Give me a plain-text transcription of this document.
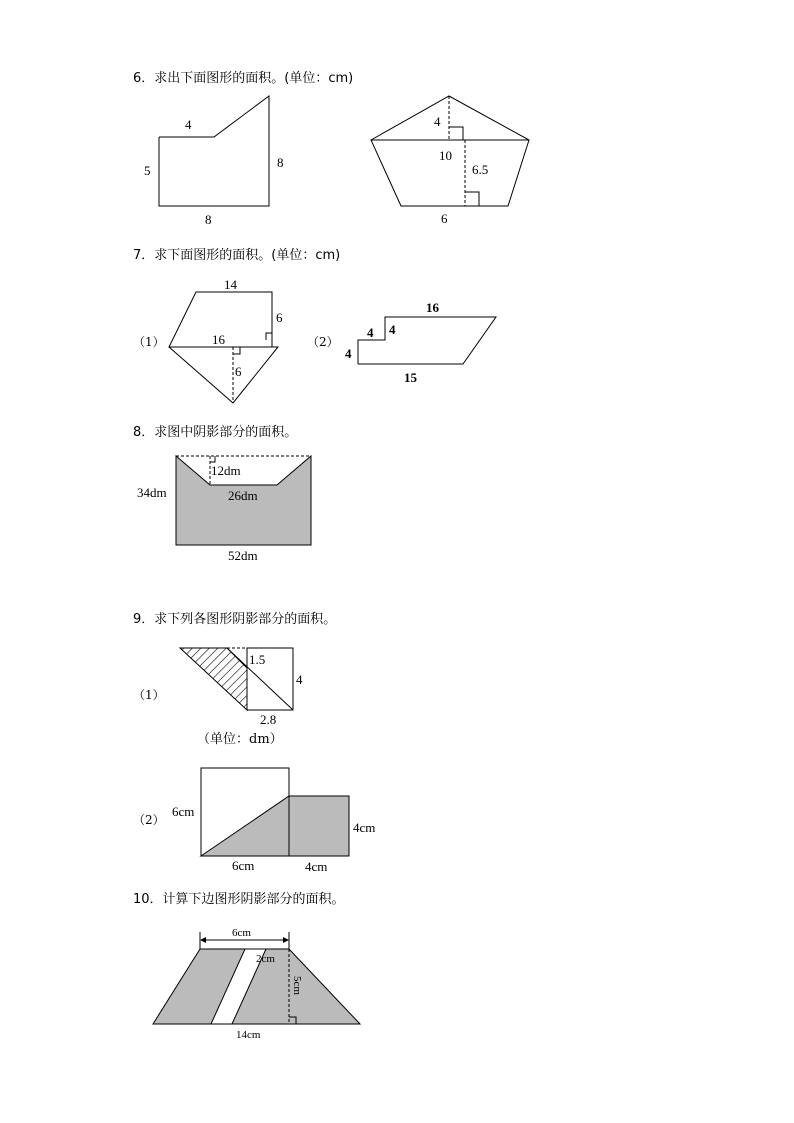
6．求出下面图形的面积。(单位：cm)
7．求下面图形的面积。(单位：cm)
8．求图中阴影部分的面积。
9．求下列各图形阴影部分的面积。
10．计算下边图形阴影部分的面积。
（1）	（2）
（1）
（2）
（单位：dm）
4
5
8
8
4
10
6.5
6
14
6
16
6
16
4 4
4
15
12dm
26dm
34dm
52dm
1.5
4
2.8
6cm
4cm
6cm	4cm
6cm
2cm
5cm
14cm
